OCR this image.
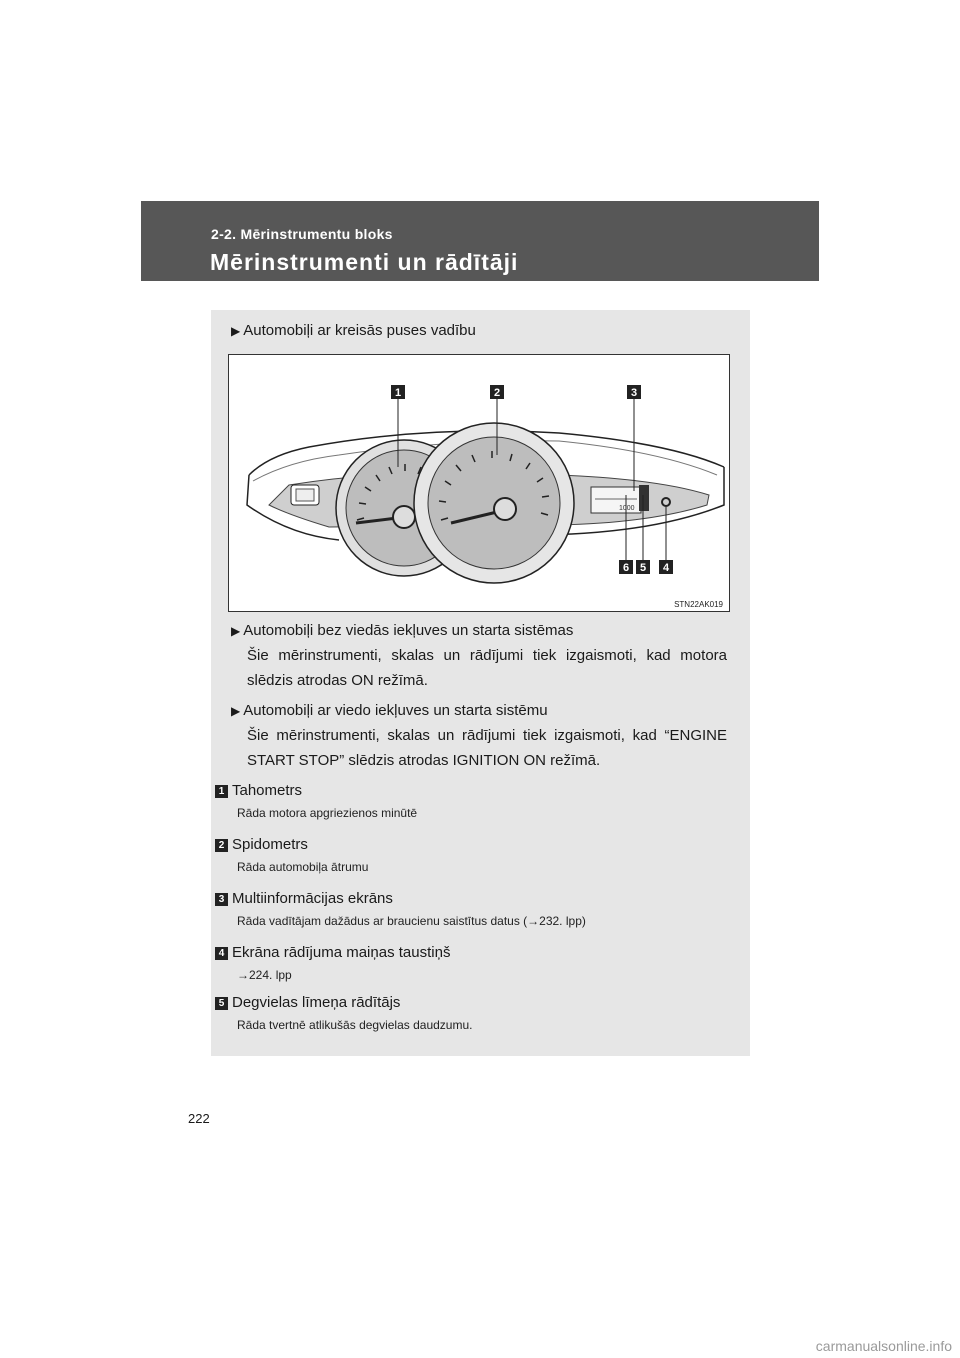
2-2. Mērinstrumentu bloks
Mērinstrumenti un rādītāji
▶ Automobiļi ar kreisās puses vadību
1000
1	2	3
4
5
6
STN22AK019
▶ Automobiļi bez viedās iekļuves un starta sistēmas
Šie mērinstrumenti, skalas un rādījumi tiek izgaismoti, kad motora slēdzis atrodas ON režīmā.
▶ Automobiļi ar viedo iekļuves un starta sistēmu
Šie mērinstrumenti, skalas un rādījumi tiek izgaismoti, kad “ENGINE START STOP” slēdzis atrodas IGNITION ON režīmā.
1 Tahometrs
Rāda motora apgriezienos minūtē
2 Spidometrs
Rāda automobiļa ātrumu
3 Multiinformācijas ekrāns
Rāda vadītājam dažādus ar braucienu saistītus datus (→232. lpp)
4 Ekrāna rādījuma maiņas taustiņš
→224. lpp
5 Degvielas līmeņa rādītājs
Rāda tvertnē atlikušās degvielas daudzumu.
222
carmanualsonline.info
